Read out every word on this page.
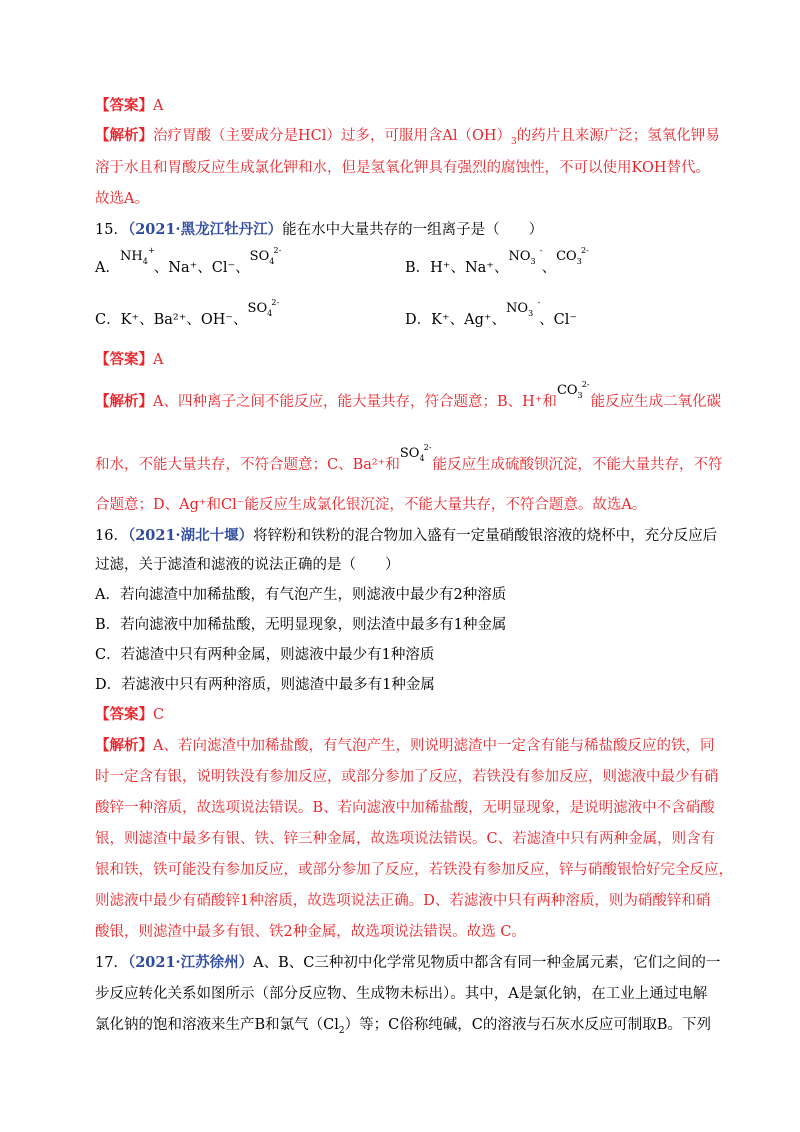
【答案】A
【解析】治疗胃酸（主要成分是HCl）过多，可服用含$Al(OH)_3$的药片且来源广泛；氢氧化钾易
溶于水且和胃酸反应生成氯化钾和水，但是氢氧化钾具有强烈的腐蚀性，不可以使用KOH替代。
故选A。
15．（2021·黑龙江牡丹江）能在水中大量共存的一组离子是（　　）
A．$NH_4$
+
、Na⁺、Cl⁻、$SO_4$
2-
B．H⁺、Na⁺、$NO_3$
-
、$CO_3$
2-
C．K⁺、Ba²⁺、OH⁻、$SO_4$
2-
D．K⁺、Ag⁺、$NO_3$
-
、Cl⁻
【答案】A
【解析】A、四种离子之间不能反应，能大量共存，符合题意；B、H⁺和$CO_3$
2-
能反应生成二氧化碳
和水，不能大量共存，不符合题意；C、Ba²⁺和$SO_4$
2-
能反应生成硫酸钡沉淀，不能大量共存，不符
合题意；D、Ag⁺和Cl⁻能反应生成氯化银沉淀，不能大量共存，不符合题意。故选A。
16．（2021·湖北十堰）将锌粉和铁粉的混合物加入盛有一定量硝酸银溶液的烧杯中，充分反应后
过滤，关于滤渣和滤液的说法正确的是（　　）
A．若向滤渣中加稀盐酸，有气泡产生，则滤液中最少有2种溶质
B．若向滤液中加稀盐酸，无明显现象，则法渣中最多有1种金属
C．若滤渣中只有两种金属，则滤液中最少有1种溶质
D．若滤液中只有两种溶质，则滤渣中最多有1种金属
【答案】C
【解析】A、若向滤渣中加稀盐酸，有气泡产生，则说明滤渣中一定含有能与稀盐酸反应的铁，同
时一定含有银，说明铁没有参加反应，或部分参加了反应，若铁没有参加反应，则滤液中最少有硝
酸锌一种溶质，故选项说法错误。B、若向滤液中加稀盐酸，无明显现象，是说明滤液中不含硝酸
银，则滤渣中最多有银、铁、锌三种金属，故选项说法错误。C、若滤渣中只有两种金属，则含有
银和铁，铁可能没有参加反应，或部分参加了反应，若铁没有参加反应，锌与硝酸银恰好完全反应，
则滤液中最少有硝酸锌1种溶质，故选项说法正确。D、若滤液中只有两种溶质，则为硝酸锌和硝
酸银，则滤渣中最多有银、铁2种金属，故选项说法错误。故选 C。
17．（2021·江苏徐州）A、B、C三种初中化学常见物质中都含有同一种金属元素，它们之间的一
步反应转化关系如图所示（部分反应物、生成物未标出）。其中，A是氯化钠，在工业上通过电解
氯化钠的饱和溶液来生产B和氯气$(Cl_2)$等；C俗称纯碱，C的溶液与石灰水反应可制取B。下列
